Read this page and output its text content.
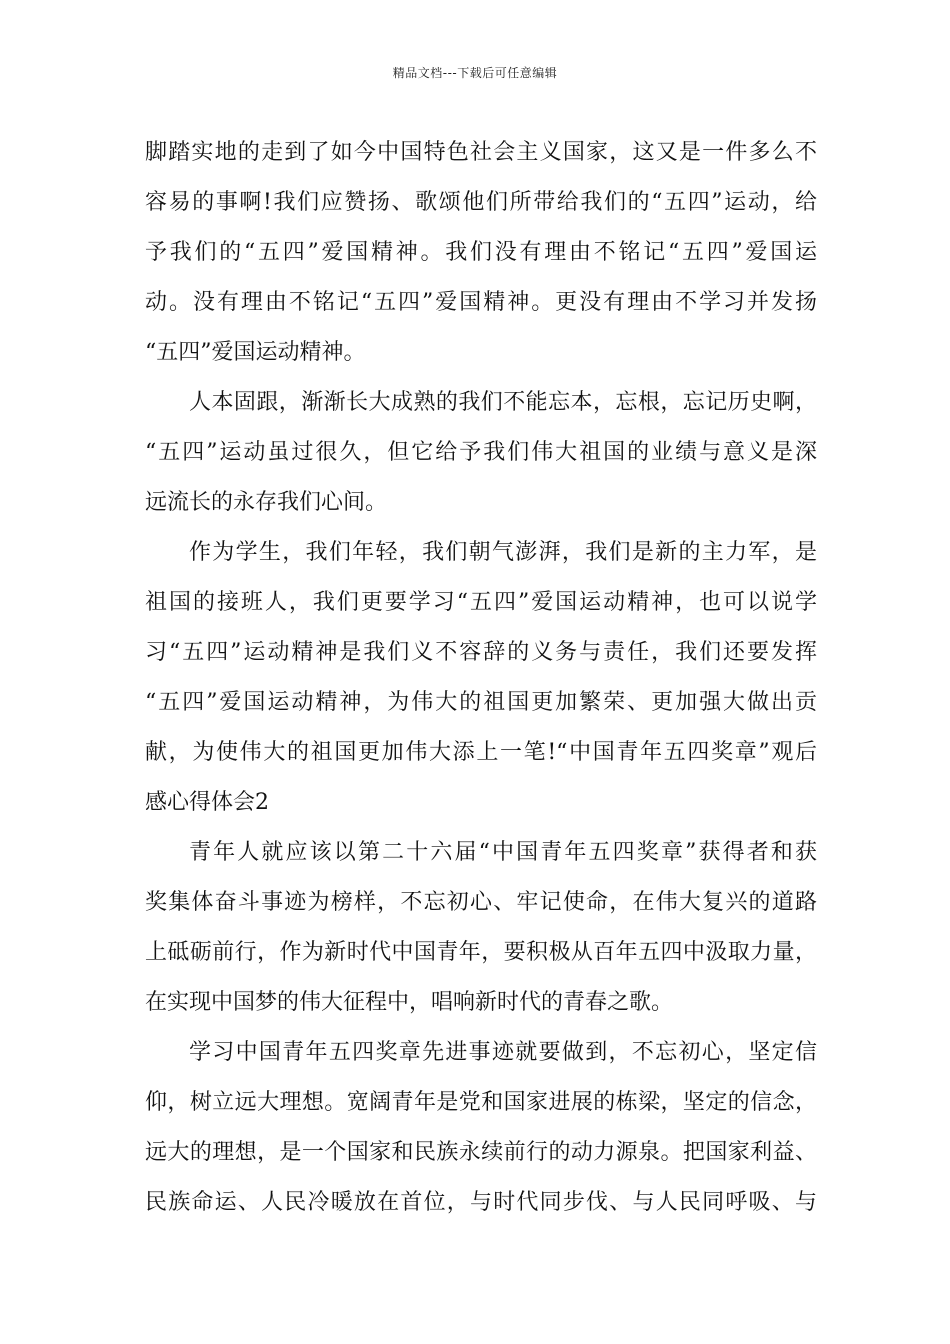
精品文档---下载后可任意编辑
脚踏实地的走到了如今中国特色社会主义国家，这又是一件多么不
容易的事啊!我们应赞扬、歌颂他们所带给我们的“五四”运动，给
予我们的“五四”爱国精神。我们没有理由不铭记“五四”爱国运
动。没有理由不铭记“五四”爱国精神。更没有理由不学习并发扬
“五四”爱国运动精神。
人本固跟，渐渐长大成熟的我们不能忘本，忘根，忘记历史啊，
“五四”运动虽过很久，但它给予我们伟大祖国的业绩与意义是深
远流长的永存我们心间。
作为学生，我们年轻，我们朝气澎湃，我们是新的主力军，是
祖国的接班人，我们更要学习“五四”爱国运动精神，也可以说学
习“五四”运动精神是我们义不容辞的义务与责任，我们还要发挥
“五四”爱国运动精神，为伟大的祖国更加繁荣、更加强大做出贡
献，为使伟大的祖国更加伟大添上一笔!“中国青年五四奖章”观后
感心得体会2
青年人就应该以第二十六届“中国青年五四奖章”获得者和获
奖集体奋斗事迹为榜样，不忘初心、牢记使命，在伟大复兴的道路
上砥砺前行，作为新时代中国青年，要积极从百年五四中汲取力量，
在实现中国梦的伟大征程中，唱响新时代的青春之歌。
学习中国青年五四奖章先进事迹就要做到，不忘初心，坚定信
仰，树立远大理想。宽阔青年是党和国家进展的栋梁，坚定的信念，
远大的理想，是一个国家和民族永续前行的动力源泉。把国家利益、
民族命运、人民冷暖放在首位，与时代同步伐、与人民同呼吸、与
